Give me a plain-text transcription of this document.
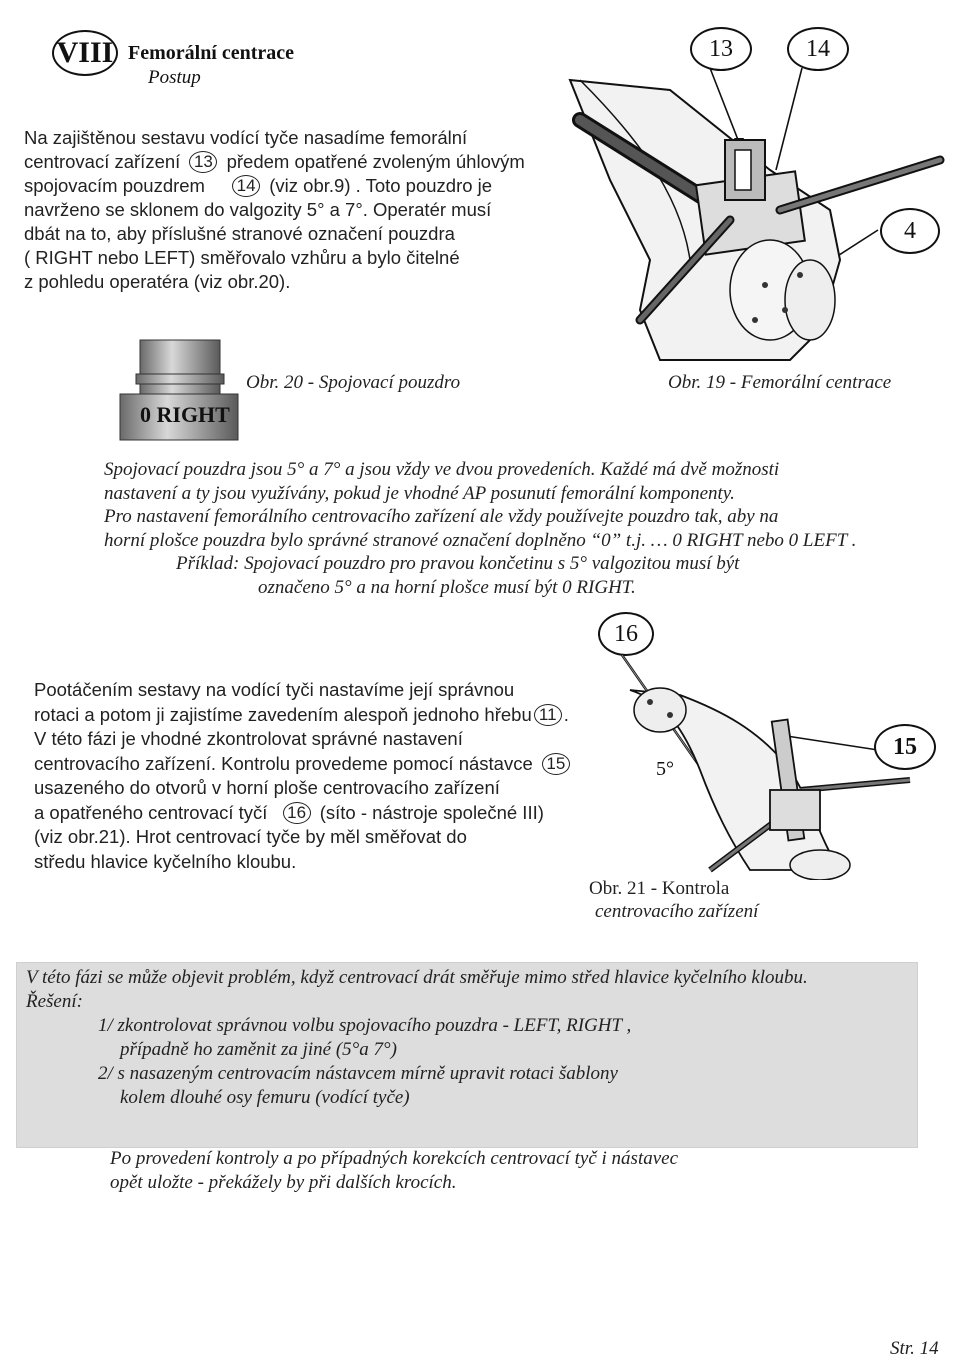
VIII Femorální centrace
Postup
13	14
4
Na zajištěnou sestavu vodící tyče nasadíme femorální
centrovací zařízení 13 předem opatřené zvoleným úhlovým
spojovacím pouzdrem 14 (viz obr.9) . Toto pouzdro je
navrženo se sklonem do valgozity 5° a 7°. Operatér musí
dbát na to, aby příslušné stranové označení pouzdra
( RIGHT nebo LEFT) směřovalo vzhůru a bylo čitelné
z pohledu operatéra (viz obr.20).
0 RIGHT
Obr. 20 - Spojovací pouzdro	Obr. 19 - Femorální centrace
Spojovací pouzdra jsou 5° a 7° a jsou vždy ve dvou provedeních. Každé má dvě možnosti
nastavení a ty jsou využívány, pokud je vhodné AP posunutí femorální komponenty.
Pro nastavení femorálního centrovacího zařízení ale vždy používejte pouzdro tak, aby na
horní plošce pouzdra bylo správné stranové označení doplněno “0” t.j. … 0 RIGHT nebo 0 LEFT .
Příklad: Spojovací pouzdro pro pravou končetinu s 5° valgozitou musí být
označeno 5° a na horní plošce musí být 0 RIGHT.
16
Pootáčením sestavy na vodící tyči nastavíme její správnou
rotaci a potom ji zajistíme zavedením alespoň jednoho hřebu 11 .
V této fázi je vhodné zkontrolovat správné nastavení
centrovacího zařízení. Kontrolu provedeme pomocí nástavce 15
usazeného do otvorů v horní ploše centrovacího zařízení
a opatřeného centrovací tyčí 16 (síto - nástroje společné III)
(viz obr.21). Hrot centrovací tyče by měl směřovat do
středu hlavice kyčelního kloubu.
5°
15
Obr. 21 - Kontrola
centrovacího zařízení
V této fázi se může objevit problém, když centrovací drát směřuje mimo střed hlavice kyčelního kloubu.
Řešení:
1/ zkontrolovat správnou volbu spojovacího pouzdra - LEFT, RIGHT ,
případně ho zaměnit za jiné (5°a 7°)
2/ s nasazeným centrovacím nástavcem mírně upravit rotaci šablony
kolem dlouhé osy femuru (vodící tyče)
Po provedení kontroly a po případných korekcích centrovací tyč i nástavec
opět uložte - překážely by při dalších krocích.
Str. 14
